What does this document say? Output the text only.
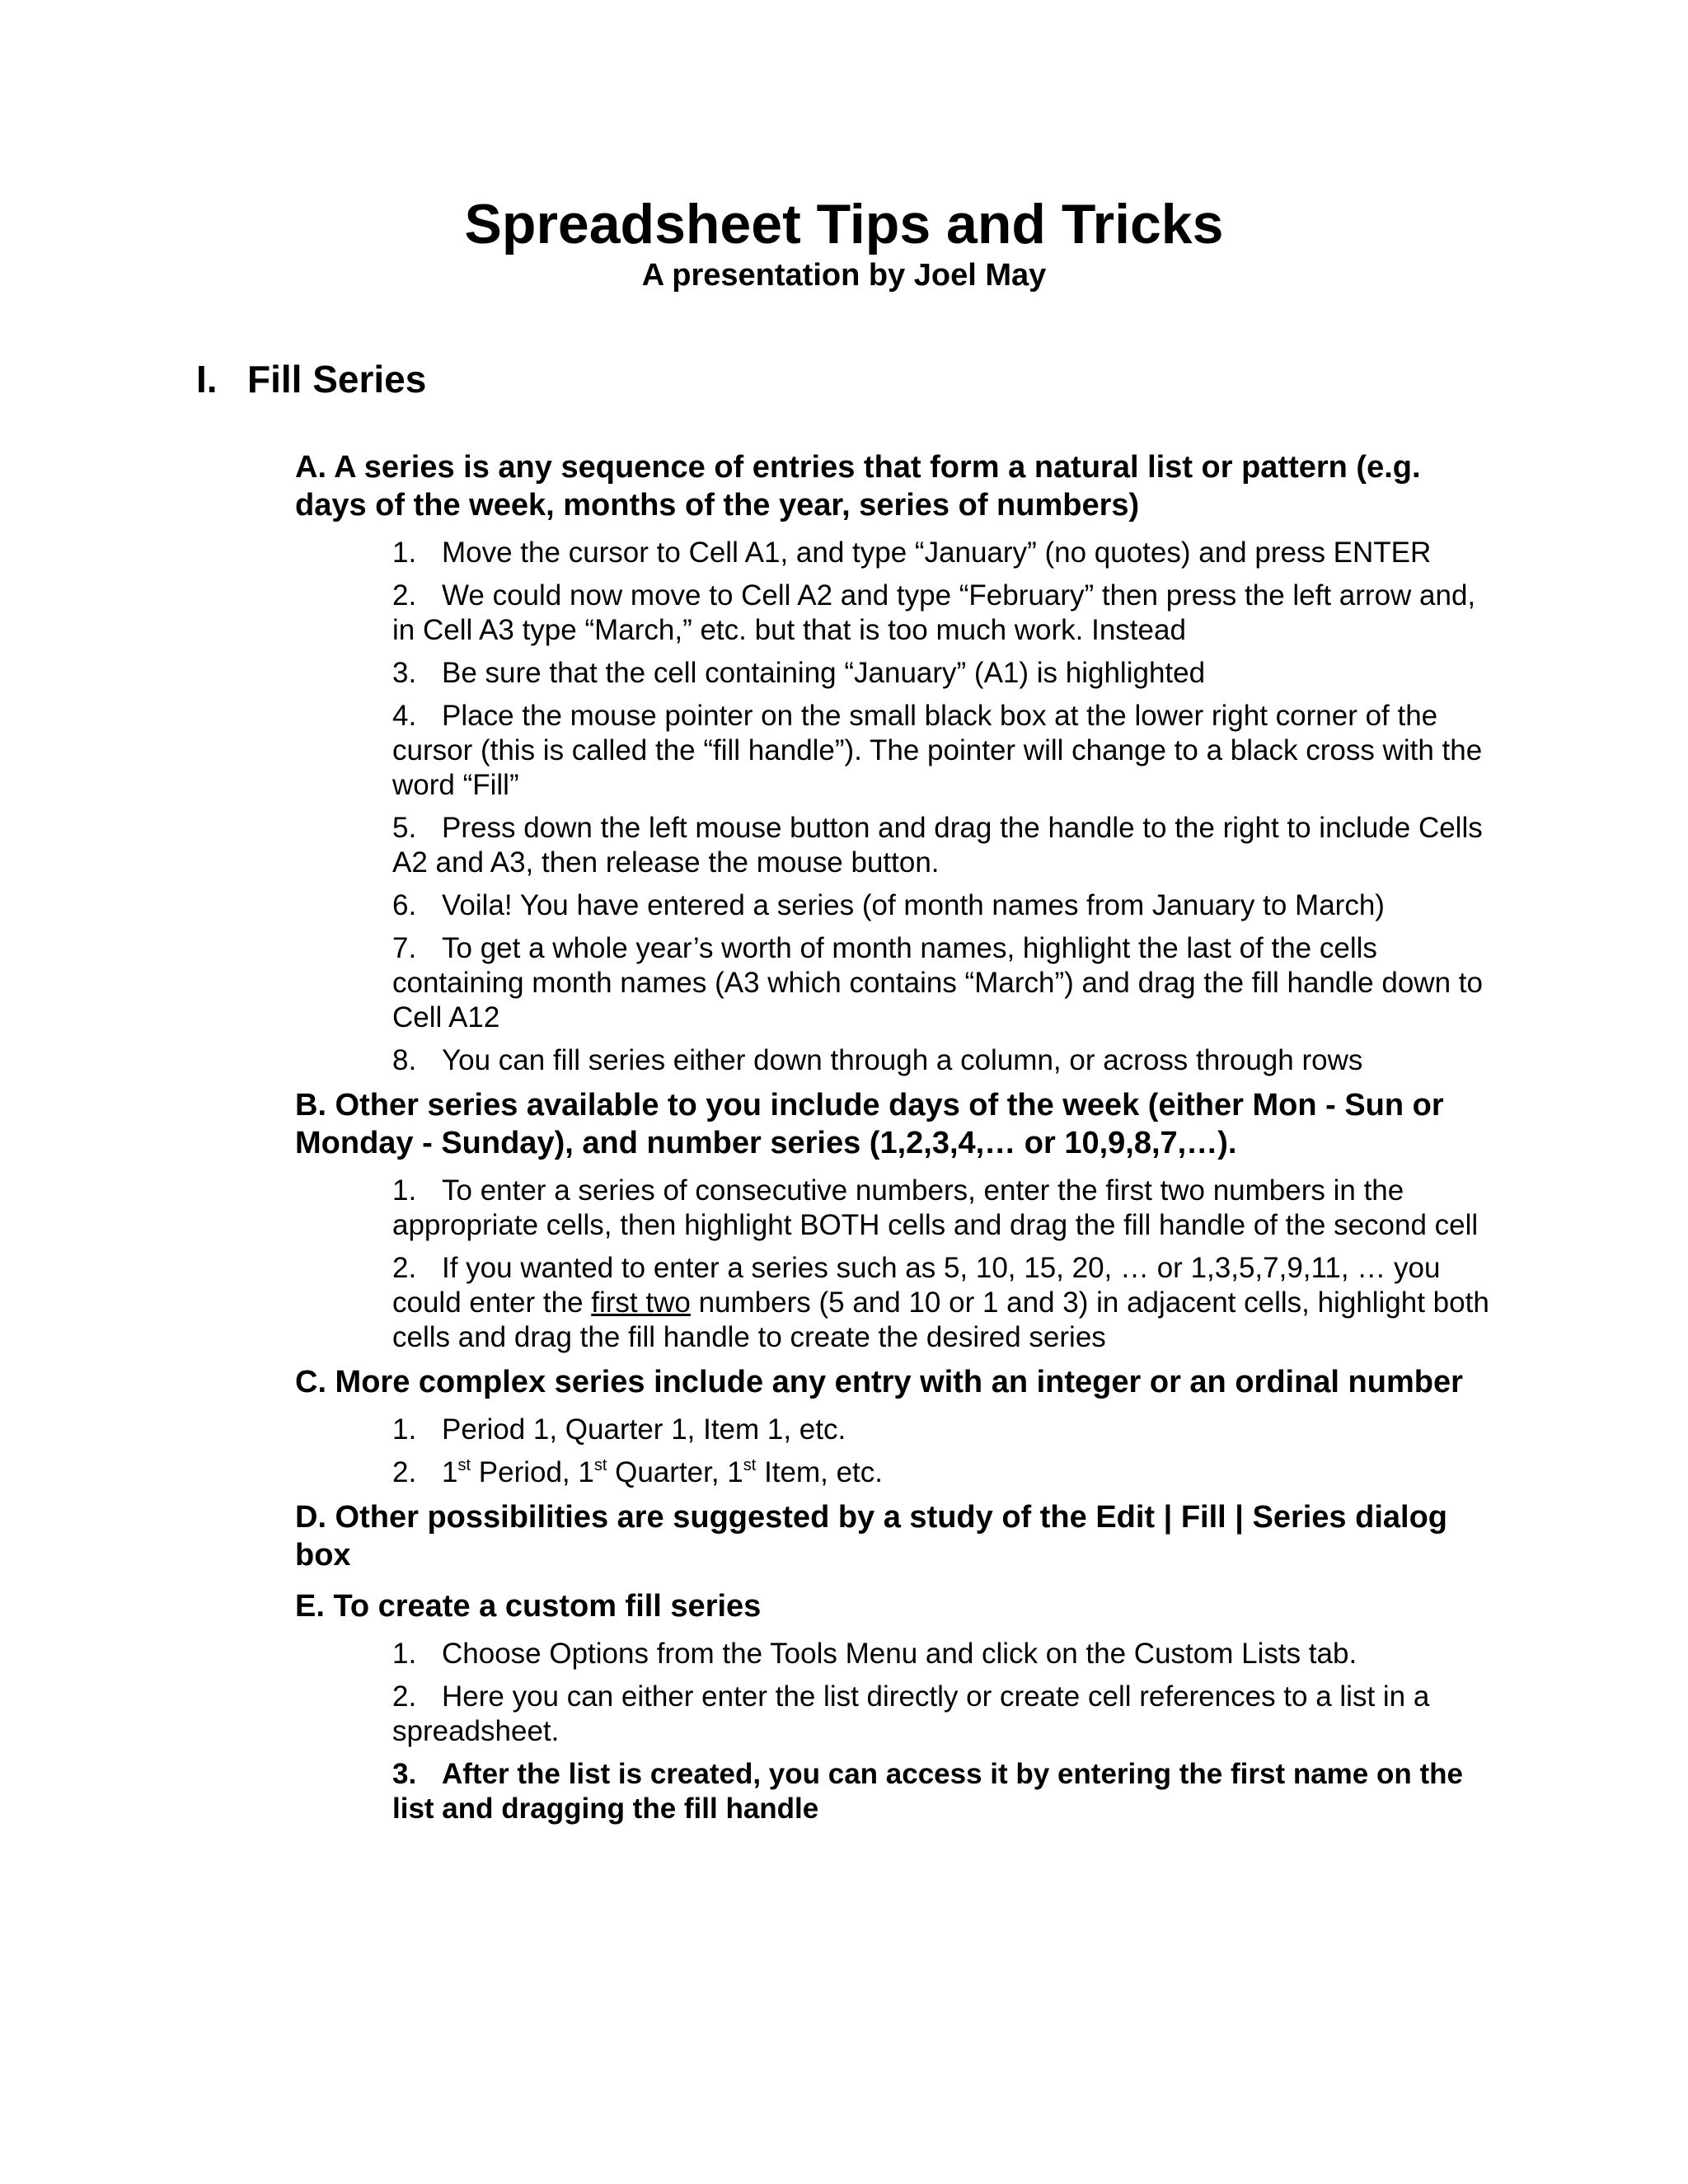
Spreadsheet Tips and Tricks
A presentation by Joel May
I. Fill Series
A. A series is any sequence of entries that form a natural list or pattern (e.g. days of the week, months of the year, series of numbers)
1. Move the cursor to Cell A1, and type “January” (no quotes) and press ENTER
2. We could now move to Cell A2 and type “February” then press the left arrow and, in Cell A3 type “March,” etc. but that is too much work. Instead
3. Be sure that the cell containing “January” (A1) is highlighted
4. Place the mouse pointer on the small black box at the lower right corner of the cursor (this is called the “fill handle”). The pointer will change to a black cross with the word “Fill”
5. Press down the left mouse button and drag the handle to the right to include Cells A2 and A3, then release the mouse button.
6. Voila! You have entered a series (of month names from January to March)
7. To get a whole year’s worth of month names, highlight the last of the cells containing month names (A3 which contains “March”) and drag the fill handle down to Cell A12
8. You can fill series either down through a column, or across through rows
B. Other series available to you include days of the week (either Mon - Sun or Monday - Sunday), and number series (1,2,3,4,… or 10,9,8,7,…).
1. To enter a series of consecutive numbers, enter the first two numbers in the appropriate cells, then highlight BOTH cells and drag the fill handle of the second cell
2. If you wanted to enter a series such as 5, 10, 15, 20, … or 1,3,5,7,9,11, … you could enter the first two numbers (5 and 10 or 1 and 3) in adjacent cells, highlight both cells and drag the fill handle to create the desired series
C. More complex series include any entry with an integer or an ordinal number
1. Period 1, Quarter 1, Item 1, etc.
2. 1st Period, 1st Quarter, 1st Item, etc.
D. Other possibilities are suggested by a study of the Edit | Fill | Series dialog box
E. To create a custom fill series
1. Choose Options from the Tools Menu and click on the Custom Lists tab.
2. Here you can either enter the list directly or create cell references to a list in a spreadsheet.
3. After the list is created, you can access it by entering the first name on the list and dragging the fill handle
